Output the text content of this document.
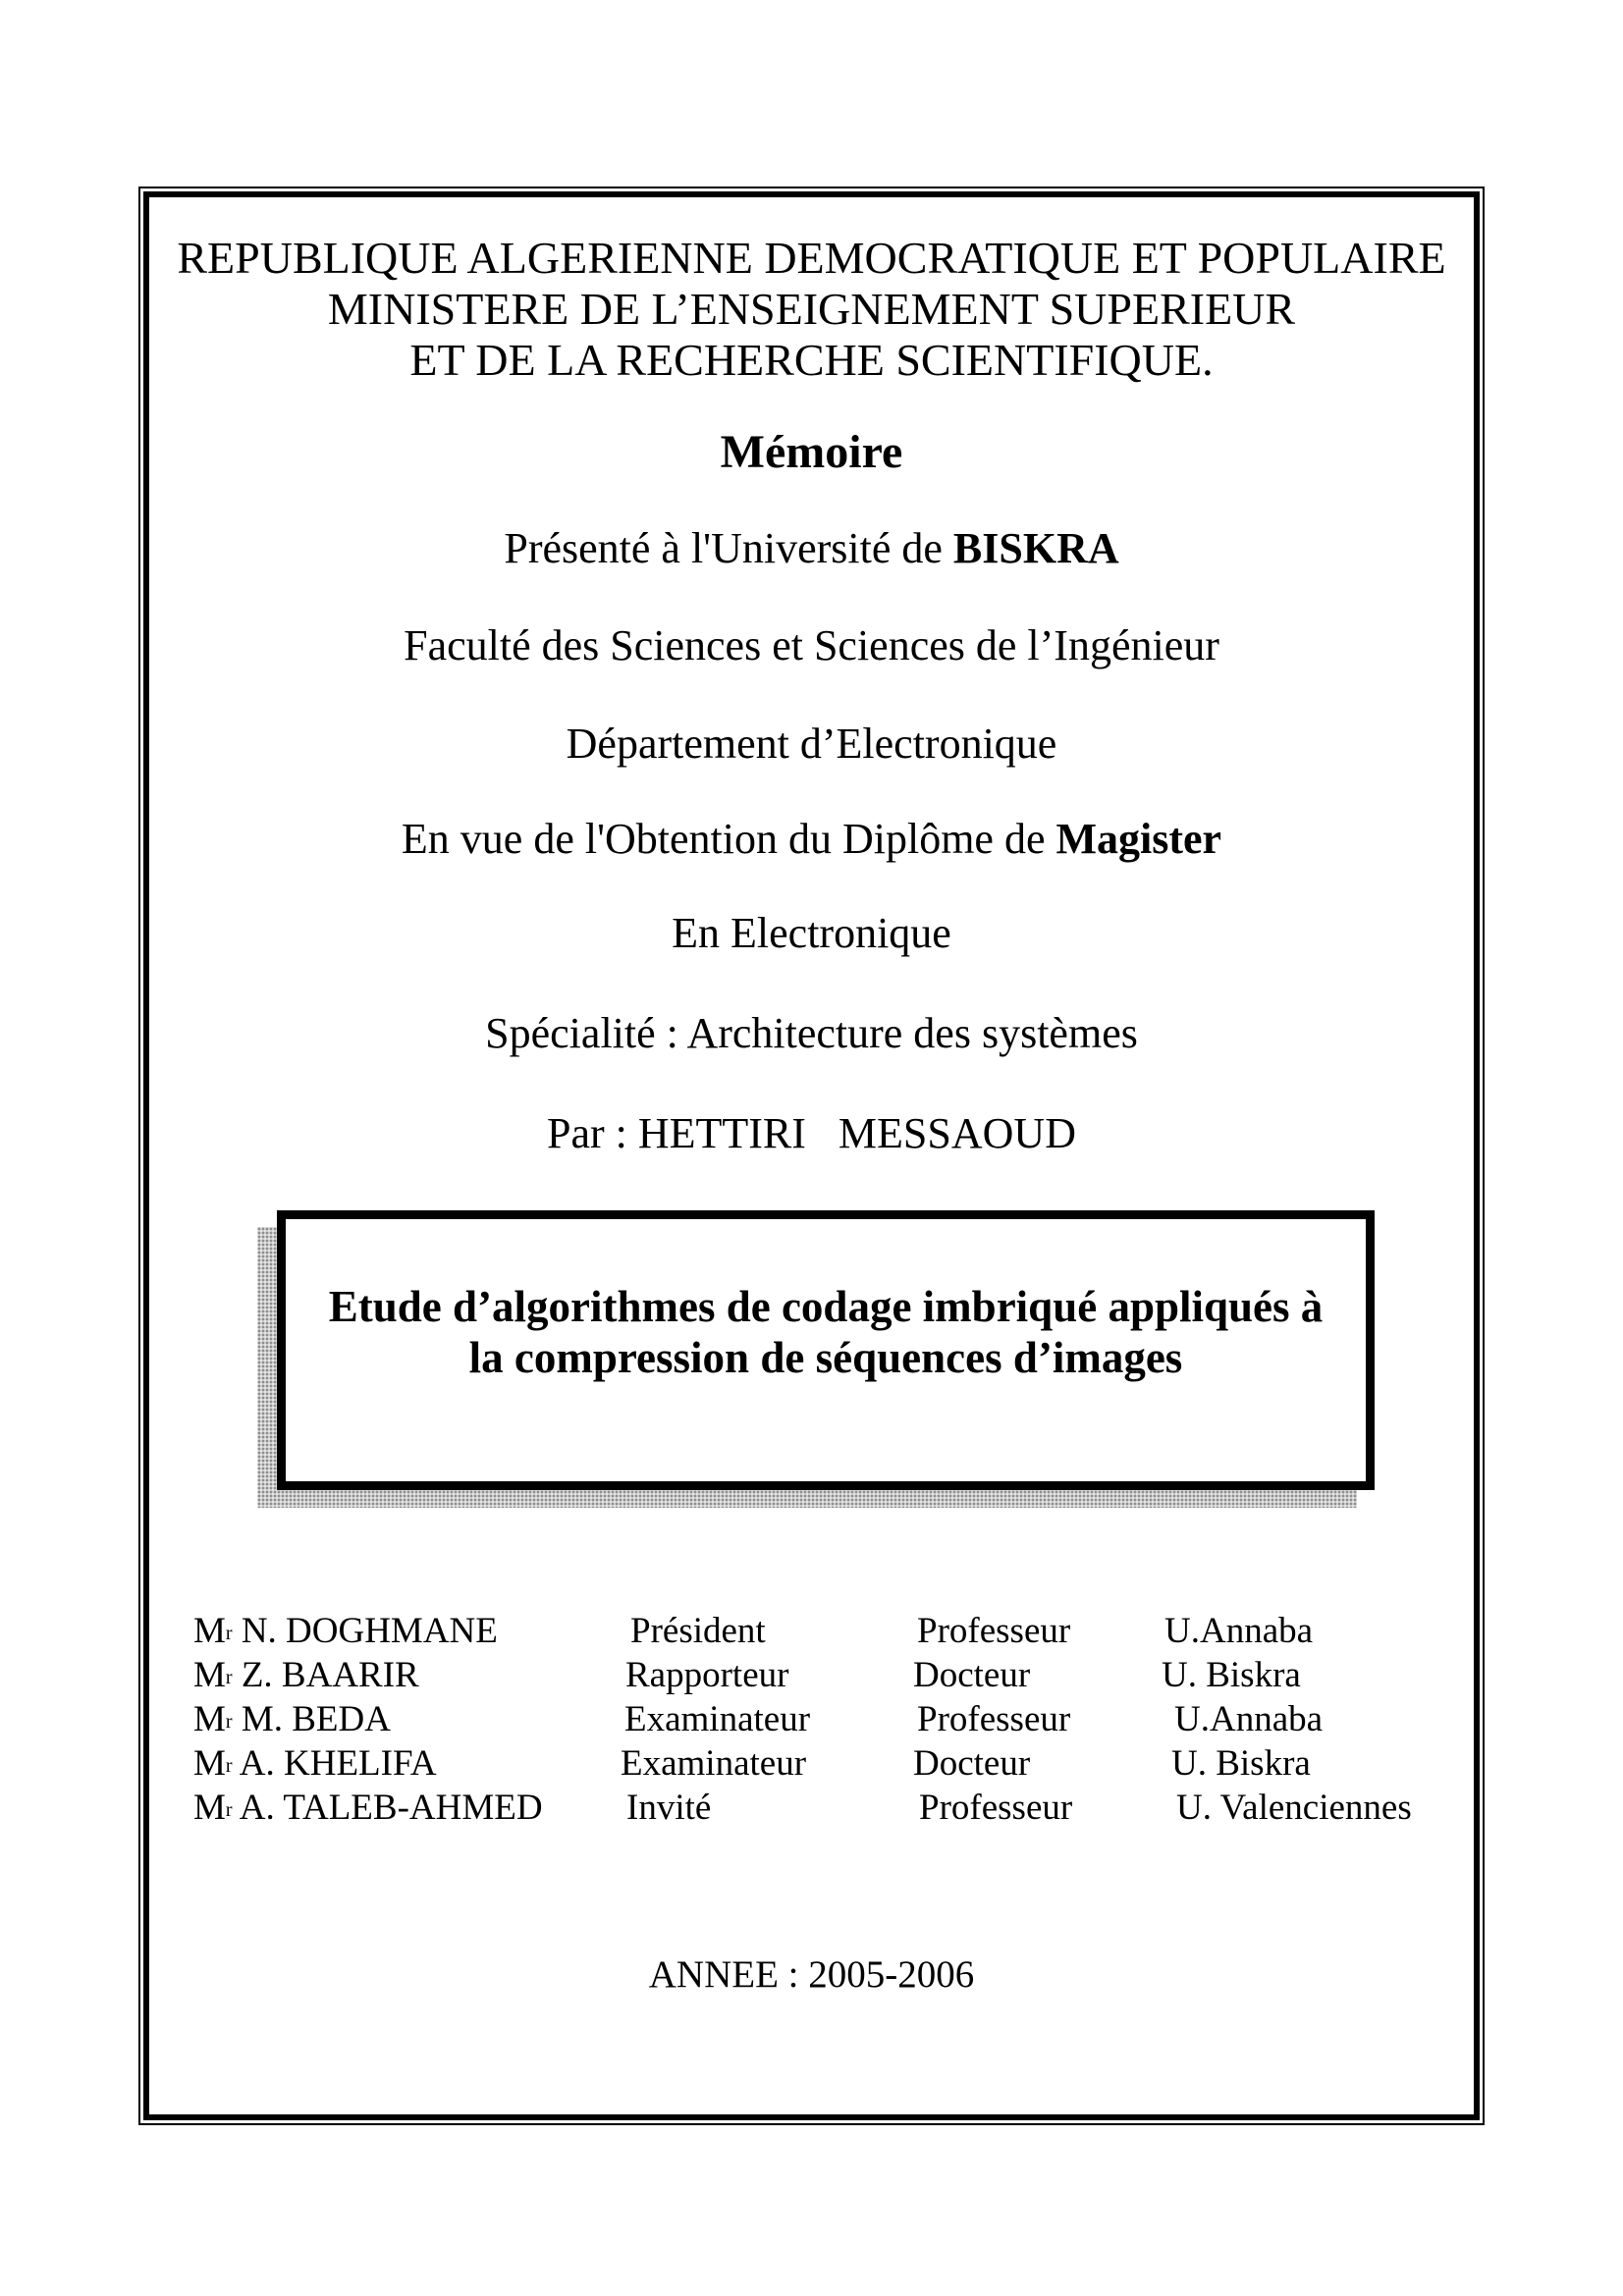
REPUBLIQUE ALGERIENNE DEMOCRATIQUE ET POPULAIRE
MINISTERE DE L’ENSEIGNEMENT SUPERIEUR
ET DE LA RECHERCHE SCIENTIFIQUE.
Mémoire
Présenté à l'Université de BISKRA
Faculté des Sciences et Sciences de l’Ingénieur
Département d’Electronique
En vue de l'Obtention du Diplôme de Magister
En Electronique
Spécialité : Architecture des systèmes
Par : HETTIRI   MESSAOUD
Etude d’algorithmes de codage imbriqué appliqués à
la compression de séquences d’images
$M^r$ N. DOGHMANE	Président	Professeur	U.Annaba
$M^r$ Z. BAARIR	Rapporteur	Docteur	U. Biskra
$M^r$ M. BEDA	Examinateur	Professeur	U.Annaba
$M^r$ A. KHELIFA	Examinateur	Docteur	U. Biskra
$M^r$ A. TALEB-AHMED Invité	Professeur	U. Valenciennes
ANNEE : 2005-2006
